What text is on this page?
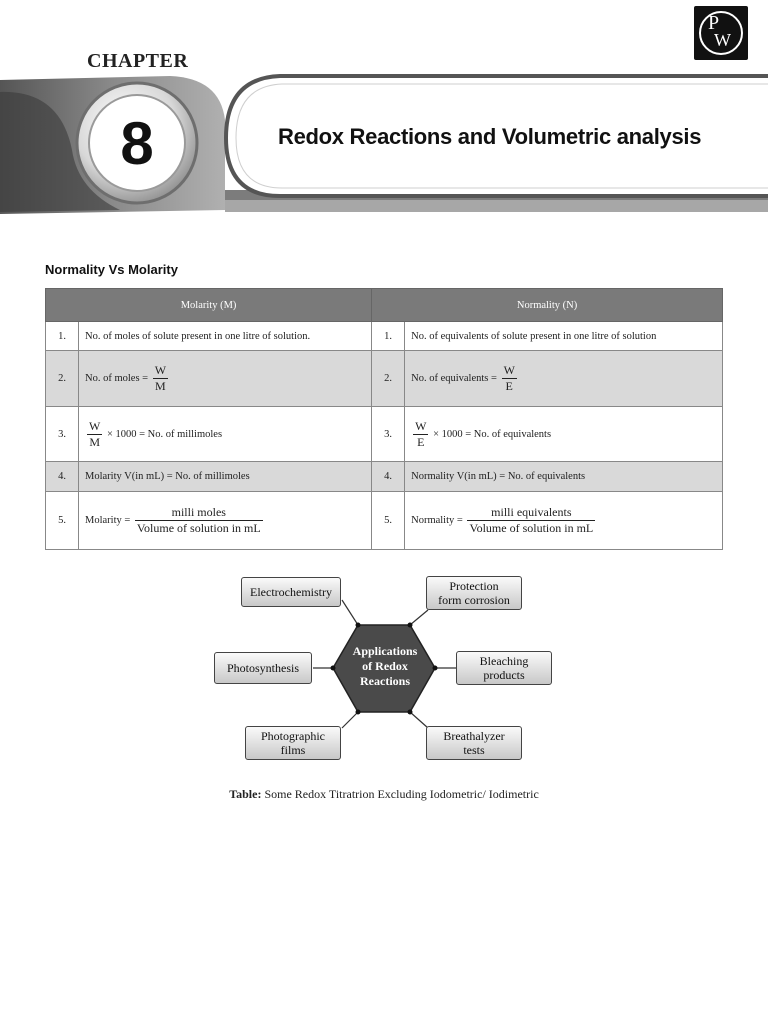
P
W
CHAPTER
8	Redox Reactions and Volumetric analysis
Normality Vs Molarity
Molarity (M)		Normality (N)	
1.	No. of moles of solute present in one litre of solution.	1.	No. of equivalents of solute present in one litre of solution
2.	No. of moles = $\frac{W}{M}$	2.	No. of equivalents = $\frac{W}{E}$

3.	$\frac{W}{M} \times 1000 = No$. of millimoles	3.	$\frac{W}{E} \times 1000 = No$. of equivalents
4.	Molarity V(in mL) = No. of millimoles	4.	Normality V(in mL) = No. of equivalents
5.	Molarity = $\frac{\text{milli moles}}{\text{Volume of solution in mL}}$	5.	Normality = $\frac{\text{milli equivalents}}{\text{Volume of solution in mL}}$
Applications
of Redox
Reactions
Electrochemistry	Protection
form corrosion
Photosynthesis	Bleaching
products
Photographic
films
Breathalyzer
tests
Table: Some Redox Titratrion Excluding Iodometric/ Iodimetric
